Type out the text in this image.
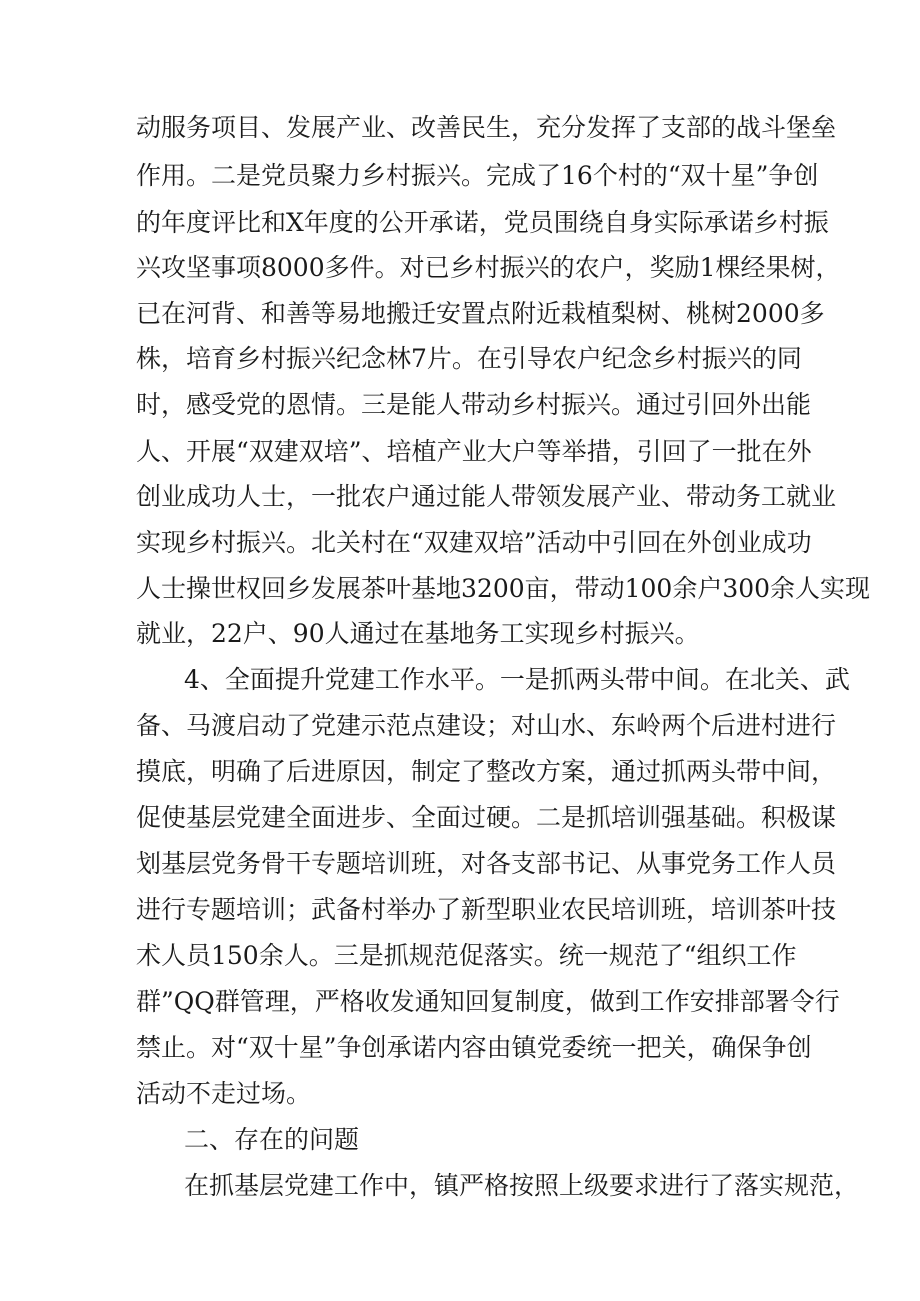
动服务项目、发展产业、改善民生，充分发挥了支部的战斗堡垒
作用。二是党员聚力乡村振兴。完成了16个村的“双十星”争创
的年度评比和X年度的公开承诺，党员围绕自身实际承诺乡村振
兴攻坚事项8000多件。对已乡村振兴的农户，奖励1棵经果树，
已在河背、和善等易地搬迁安置点附近栽植梨树、桃树2000多
株，培育乡村振兴纪念林7片。在引导农户纪念乡村振兴的同
时，感受党的恩情。三是能人带动乡村振兴。通过引回外出能
人、开展“双建双培”、培植产业大户等举措，引回了一批在外
创业成功人士，一批农户通过能人带领发展产业、带动务工就业
实现乡村振兴。北关村在“双建双培”活动中引回在外创业成功
人士操世权回乡发展茶叶基地3200亩，带动100余户300余人实现
就业，22户、90人通过在基地务工实现乡村振兴。
4、全面提升党建工作水平。一是抓两头带中间。在北关、武
备、马渡启动了党建示范点建设；对山水、东岭两个后进村进行
摸底，明确了后进原因，制定了整改方案，通过抓两头带中间，
促使基层党建全面进步、全面过硬。二是抓培训强基础。积极谋
划基层党务骨干专题培训班，对各支部书记、从事党务工作人员
进行专题培训；武备村举办了新型职业农民培训班，培训茶叶技
术人员150余人。三是抓规范促落实。统一规范了“组织工作
群”QQ群管理，严格收发通知回复制度，做到工作安排部署令行
禁止。对“双十星”争创承诺内容由镇党委统一把关，确保争创
活动不走过场。
二、存在的问题
在抓基层党建工作中，镇严格按照上级要求进行了落实规范，
